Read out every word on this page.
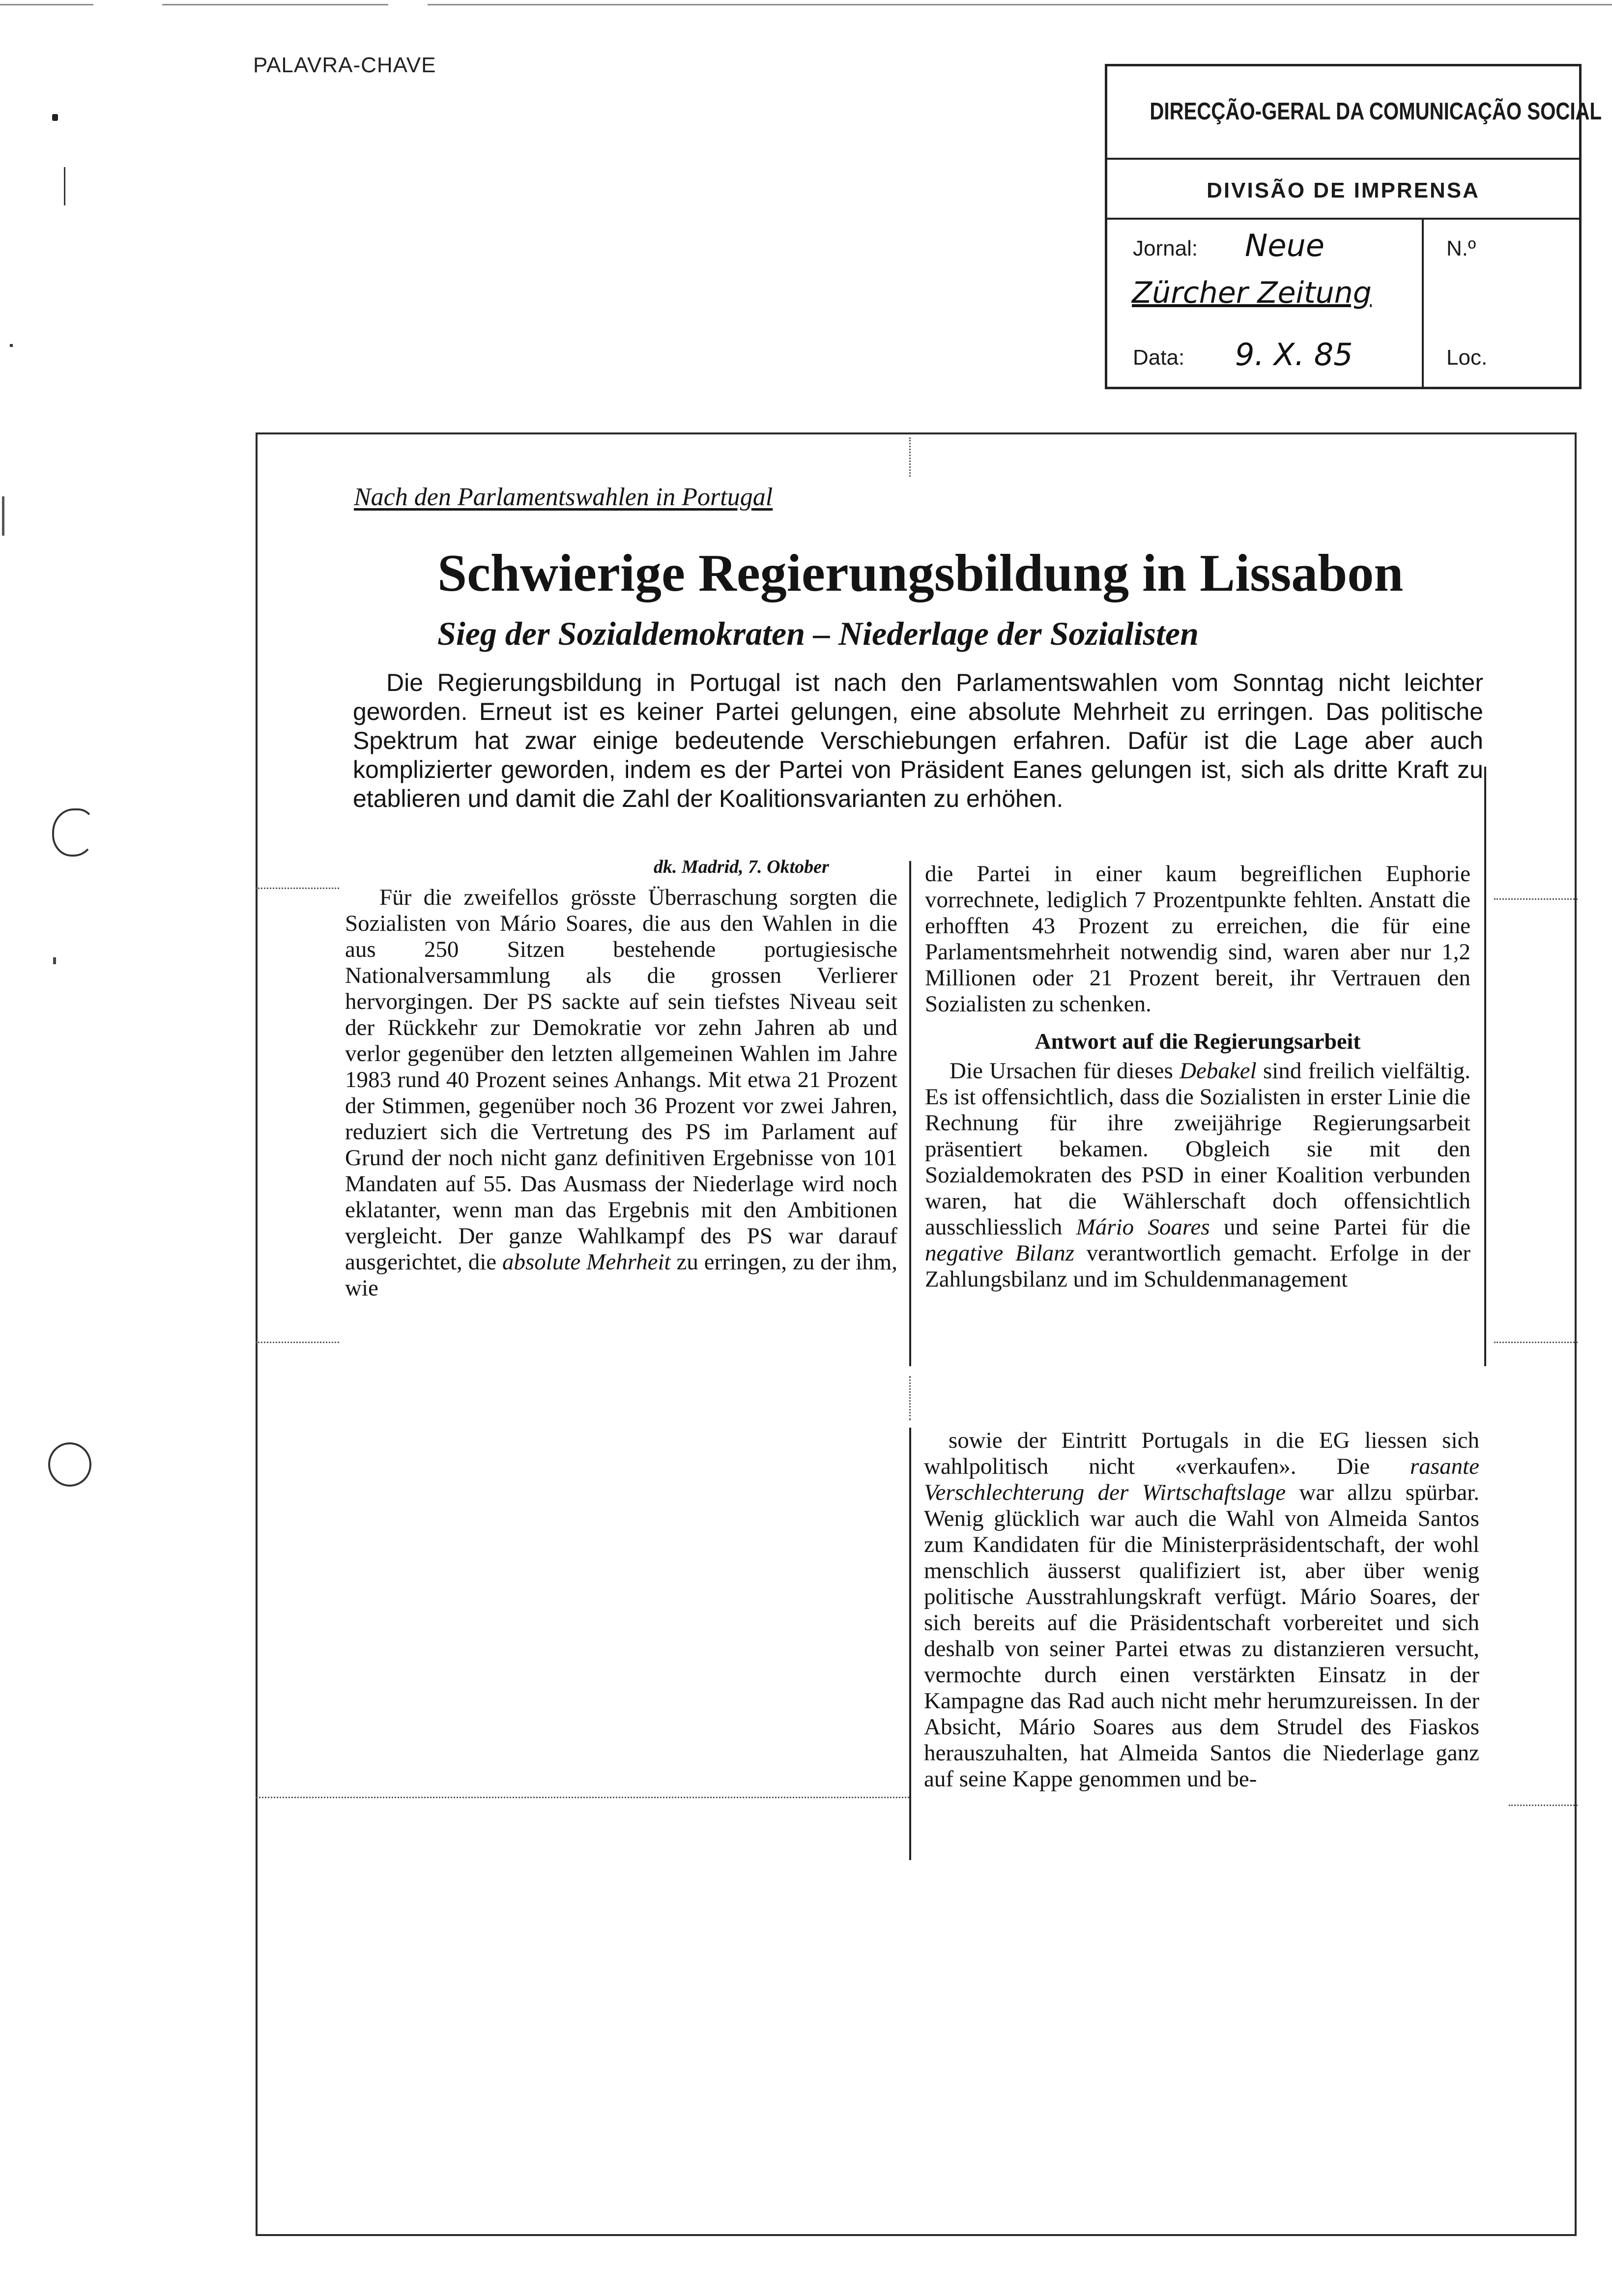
PALAVRA-CHAVE
DIRECÇÃO-GERAL DA COMUNICAÇÃO SOCIAL
DIVISÃO DE IMPRENSA
Jornal: Neue
Zürcher Zeitung
N.º
Data: 9. X. 85	Loc.
Nach den Parlamentswahlen in Portugal
Schwierige Regierungsbildung in Lissabon
Sieg der Sozialdemokraten – Niederlage der Sozialisten
Die Regierungsbildung in Portugal ist nach den Parlamentswahlen vom Sonntag nicht leichter geworden. Erneut ist es keiner Partei gelungen, eine absolute Mehrheit zu erringen. Das politische Spektrum hat zwar einige bedeutende Verschiebungen erfahren. Dafür ist die Lage aber auch komplizierter geworden, indem es der Partei von Präsident Eanes gelungen ist, sich als dritte Kraft zu etablieren und damit die Zahl der Koalitionsvarianten zu erhöhen.
dk. Madrid, 7. Oktober

Für die zweifellos grösste Überraschung sorgten die Sozialisten von Mário Soares, die aus den Wahlen in die aus 250 Sitzen bestehende portugiesische Nationalversammlung als die grossen Verlierer hervorgingen. Der PS sackte auf sein tiefstes Niveau seit der Rückkehr zur Demokratie vor zehn Jahren ab und verlor gegenüber den letzten allgemeinen Wahlen im Jahre 1983 rund 40 Prozent seines Anhangs. Mit etwa 21 Prozent der Stimmen, gegenüber noch 36 Prozent vor zwei Jahren, reduziert sich die Vertretung des PS im Parlament auf Grund der noch nicht ganz definitiven Ergebnisse von 101 Mandaten auf 55. Das Ausmass der Niederlage wird noch eklatanter, wenn man das Ergebnis mit den Ambitionen vergleicht. Der ganze Wahlkampf des PS war darauf ausgerichtet, die absolute Mehrheit zu erringen, zu der ihm, wie

die Partei in einer kaum begreiflichen Euphorie vorrechnete, lediglich 7 Prozentpunkte fehlten. Anstatt die erhofften 43 Prozent zu erreichen, die für eine Parlamentsmehrheit notwendig sind, waren aber nur 1,2 Millionen oder 21 Prozent bereit, ihr Vertrauen den Sozialisten zu schenken.

Antwort auf die Regierungsarbeit

Die Ursachen für dieses Debakel sind freilich vielfältig. Es ist offensichtlich, dass die Sozialisten in erster Linie die Rechnung für ihre zweijährige Regierungsarbeit präsentiert bekamen. Obgleich sie mit den Sozialdemokraten des PSD in einer Koalition verbunden waren, hat die Wählerschaft doch offensichtlich ausschliesslich Mário Soares und seine Partei für die negative Bilanz verantwortlich gemacht. Erfolge in der Zahlungsbilanz und im Schuldenmanagement

sowie der Eintritt Portugals in die EG liessen sich wahlpolitisch nicht «verkaufen». Die rasante Verschlechterung der Wirtschaftslage war allzu spürbar. Wenig glücklich war auch die Wahl von Almeida Santos zum Kandidaten für die Ministerpräsidentschaft, der wohl menschlich äusserst qualifiziert ist, aber über wenig politische Ausstrahlungskraft verfügt. Mário Soares, der sich bereits auf die Präsidentschaft vorbereitet und sich deshalb von seiner Partei etwas zu distanzieren versucht, vermochte durch einen verstärkten Einsatz in der Kampagne das Rad auch nicht mehr herumzureissen. In der Absicht, Mário Soares aus dem Strudel des Fiaskos herauszuhalten, hat Almeida Santos die Niederlage ganz auf seine Kappe genommen und be-
